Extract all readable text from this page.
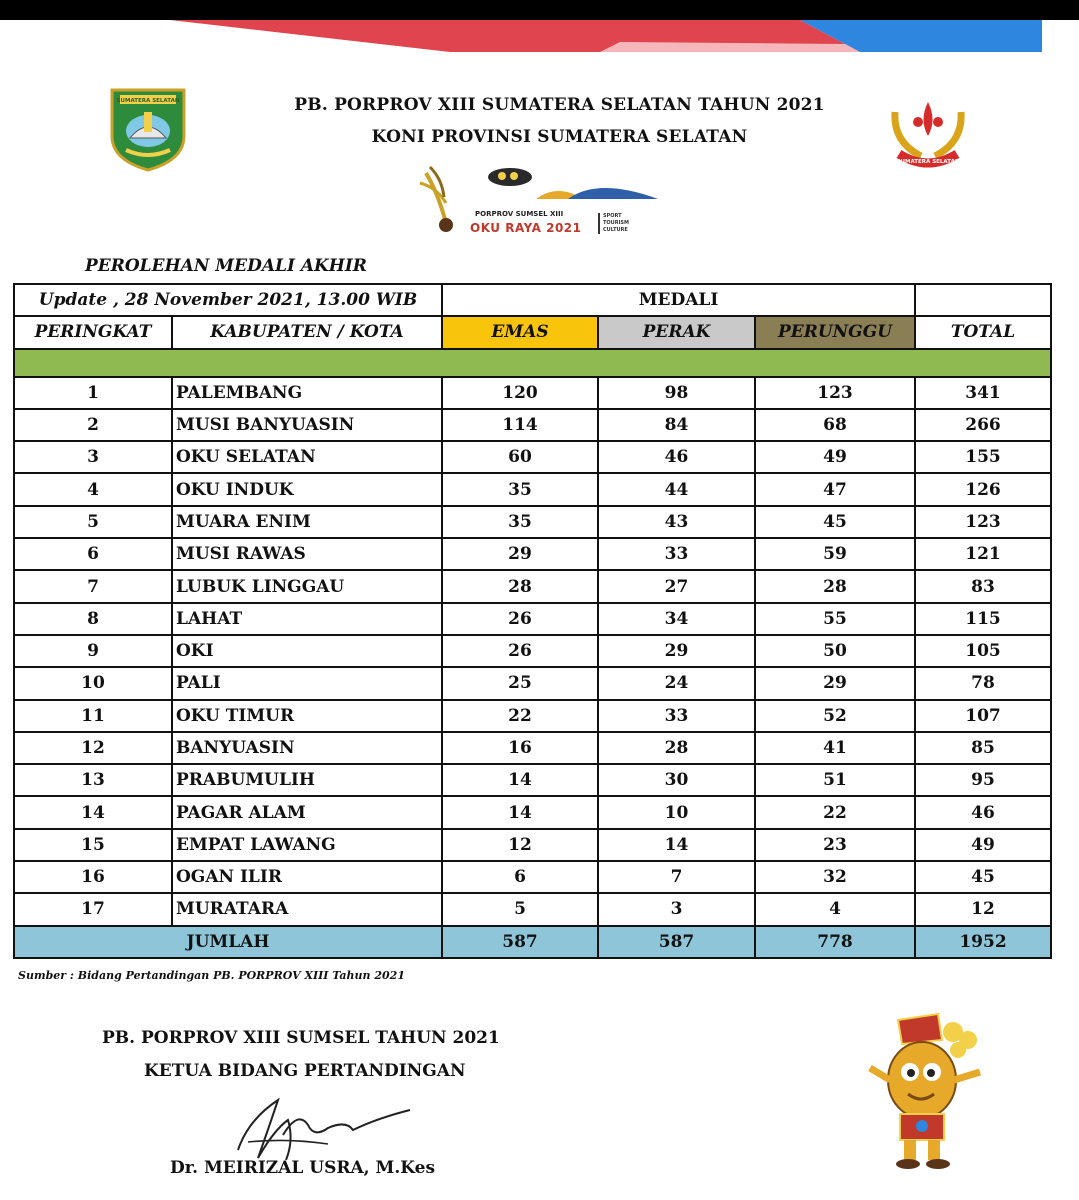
SUMATERA SELATAN	PB. PORPROV XIII SUMATERA SELATAN TAHUN 2021
KONI PROVINSI SUMATERA SELATAN
SUMATERA SELATAN
PORPROV SUMSEL XIII
OKU RAYA 2021
SPORT
TOURISM
CULTURE
PEROLEHAN MEDALI AKHIR
Update , 28 November 2021, 13.00 WIB		MEDALI			
PERINGKAT	KABUPATEN / KOTA	EMAS	PERAK	PERUNGGU	TOTAL

1	PALEMBANG	120	98	123	341
2	MUSI BANYUASIN	114	84	68	266
3	OKU SELATAN	60	46	49	155
4	OKU INDUK	35	44	47	126
5	MUARA ENIM	35	43	45	123
6	MUSI RAWAS	29	33	59	121
7	LUBUK LINGGAU	28	27	28	83
8	LAHAT	26	34	55	115
9	OKI	26	29	50	105
10	PALI	25	24	29	78
11	OKU TIMUR	22	33	52	107
12	BANYUASIN	16	28	41	85
13	PRABUMULIH	14	30	51	95
14	PAGAR ALAM	14	10	22	46
15	EMPAT LAWANG	12	14	23	49
16	OGAN ILIR	6	7	32	45
17	MURATARA	5	3	4	12
JUMLAH		587	587	778	1952
Sumber : Bidang Pertandingan PB. PORPROV XIII Tahun 2021
PB. PORPROV XIII SUMSEL TAHUN 2021
KETUA BIDANG PERTANDINGAN
Dr. MEIRIZAL USRA, M.Kes
